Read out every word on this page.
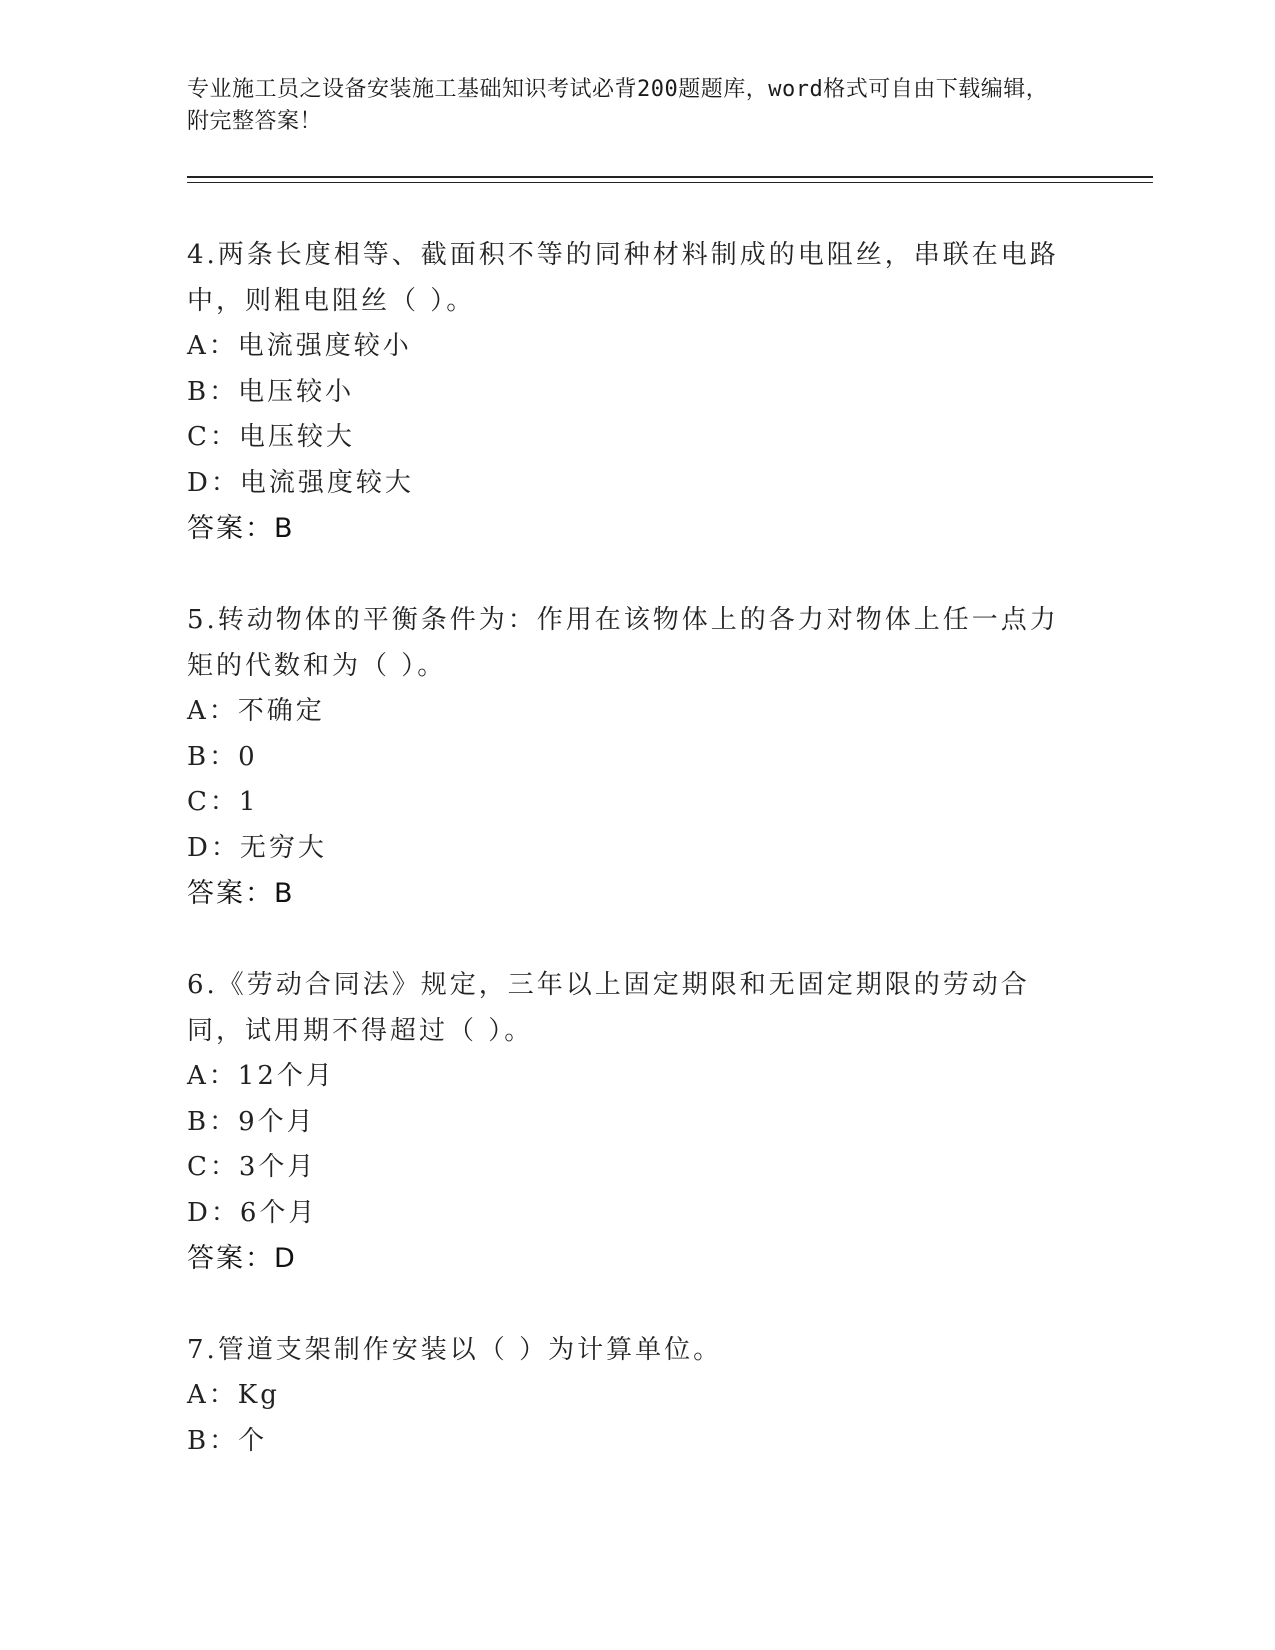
专业施工员之设备安装施工基础知识考试必背200题题库，word格式可自由下载编辑，附完整答案！
4.两条长度相等、截面积不等的同种材料制成的电阻丝，串联在电路中，则粗电阻丝（ ）。
A：电流强度较小
B：电压较小
C：电压较大
D：电流强度较大
答案：B
5.转动物体的平衡条件为：作用在该物体上的各力对物体上任一点力矩的代数和为（ ）。
A：不确定
B：0
C：1
D：无穷大
答案：B
6.《劳动合同法》规定，三年以上固定期限和无固定期限的劳动合同，试用期不得超过（ ）。
A：12个月
B：9个月
C：3个月
D：6个月
答案：D
7.管道支架制作安装以（ ）为计算单位。
A：Kg
B：个
